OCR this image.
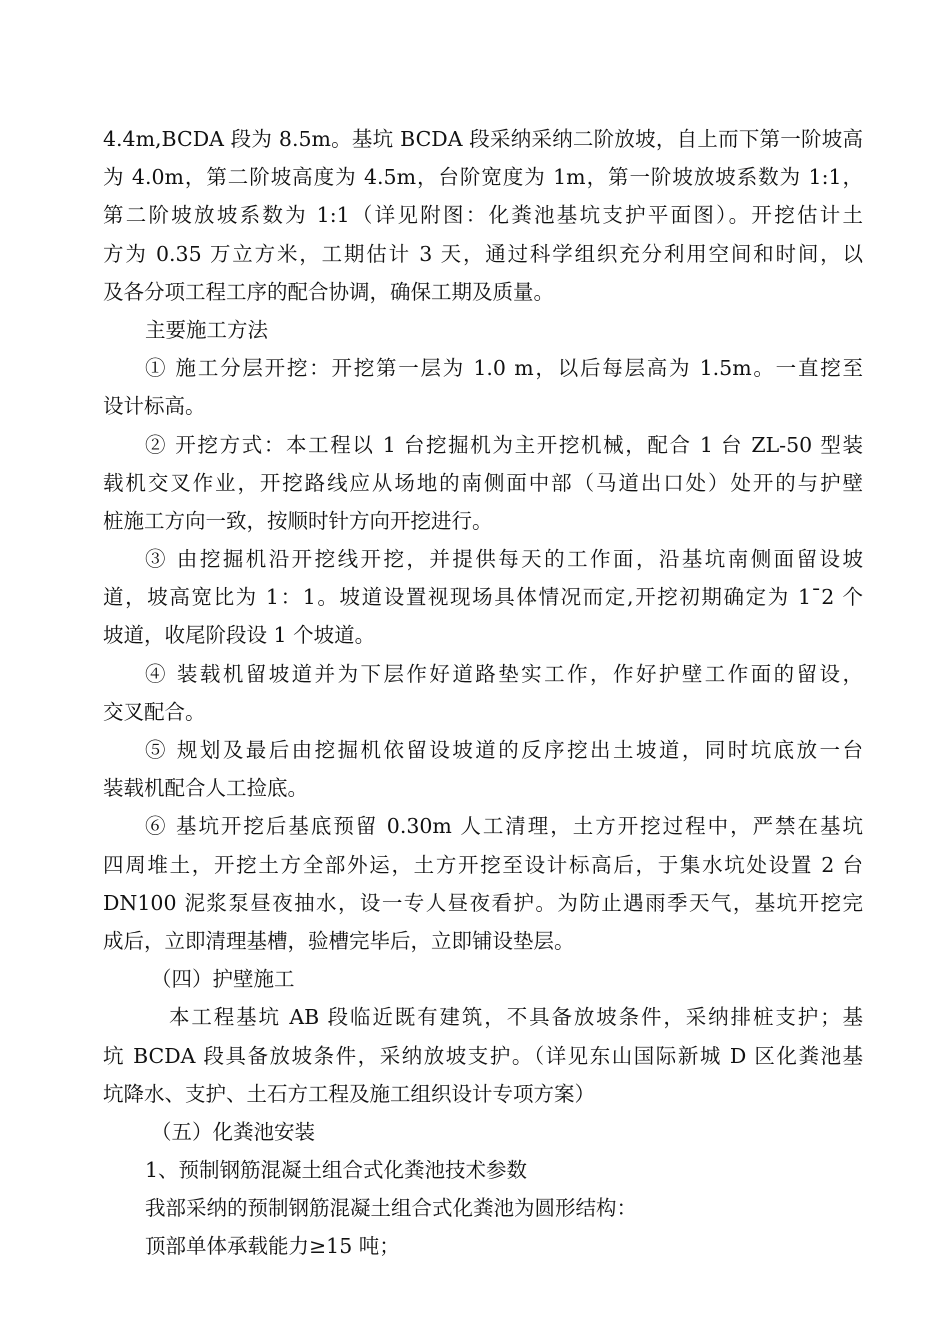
4.4m,BCDA 段为 8.5m。基坑 BCDA 段采纳采纳二阶放坡，自上而下第一阶坡高
为 4.0m，第二阶坡高度为 4.5m，台阶宽度为 1m，第一阶坡放坡系数为 1:1，
第二阶坡放坡系数为 1:1（详见附图：化粪池基坑支护平面图）。开挖估计土
方为 0.35 万立方米，工期估计 3 天，通过科学组织充分利用空间和时间，以
及各分项工程工序的配合协调，确保工期及质量。
主要施工方法
① 施工分层开挖：开挖第一层为 1.0 m，以后每层高为 1.5m。一直挖至
设计标高。
② 开挖方式：本工程以 1 台挖掘机为主开挖机械，配合 1 台 ZL-50 型装
载机交叉作业，开挖路线应从场地的南侧面中部（马道出口处）处开的与护壁
桩施工方向一致，按顺时针方向开挖进行。
③ 由挖掘机沿开挖线开挖，并提供每天的工作面，沿基坑南侧面留设坡
道，坡高宽比为 1：1。坡道设置视现场具体情况而定,开挖初期确定为 1¯2 个
坡道，收尾阶段设 1 个坡道。
④ 装载机留坡道并为下层作好道路垫实工作，作好护壁工作面的留设，
交叉配合。
⑤ 规划及最后由挖掘机依留设坡道的反序挖出土坡道，同时坑底放一台
装载机配合人工捡底。
⑥ 基坑开挖后基底预留 0.30m 人工清理，土方开挖过程中，严禁在基坑
四周堆土，开挖土方全部外运，土方开挖至设计标高后，于集水坑处设置 2 台
DN100 泥浆泵昼夜抽水，设一专人昼夜看护。为防止遇雨季天气，基坑开挖完
成后，立即清理基槽，验槽完毕后，立即铺设垫层。
（四）护壁施工
本工程基坑 AB 段临近既有建筑，不具备放坡条件，采纳排桩支护；基
坑 BCDA 段具备放坡条件，采纳放坡支护。（详见东山国际新城 D 区化粪池基
坑降水、支护、土石方工程及施工组织设计专项方案）
（五）化粪池安装
1、预制钢筋混凝土组合式化粪池技术参数
我部采纳的预制钢筋混凝土组合式化粪池为圆形结构：
顶部单体承载能力≥15 吨；
